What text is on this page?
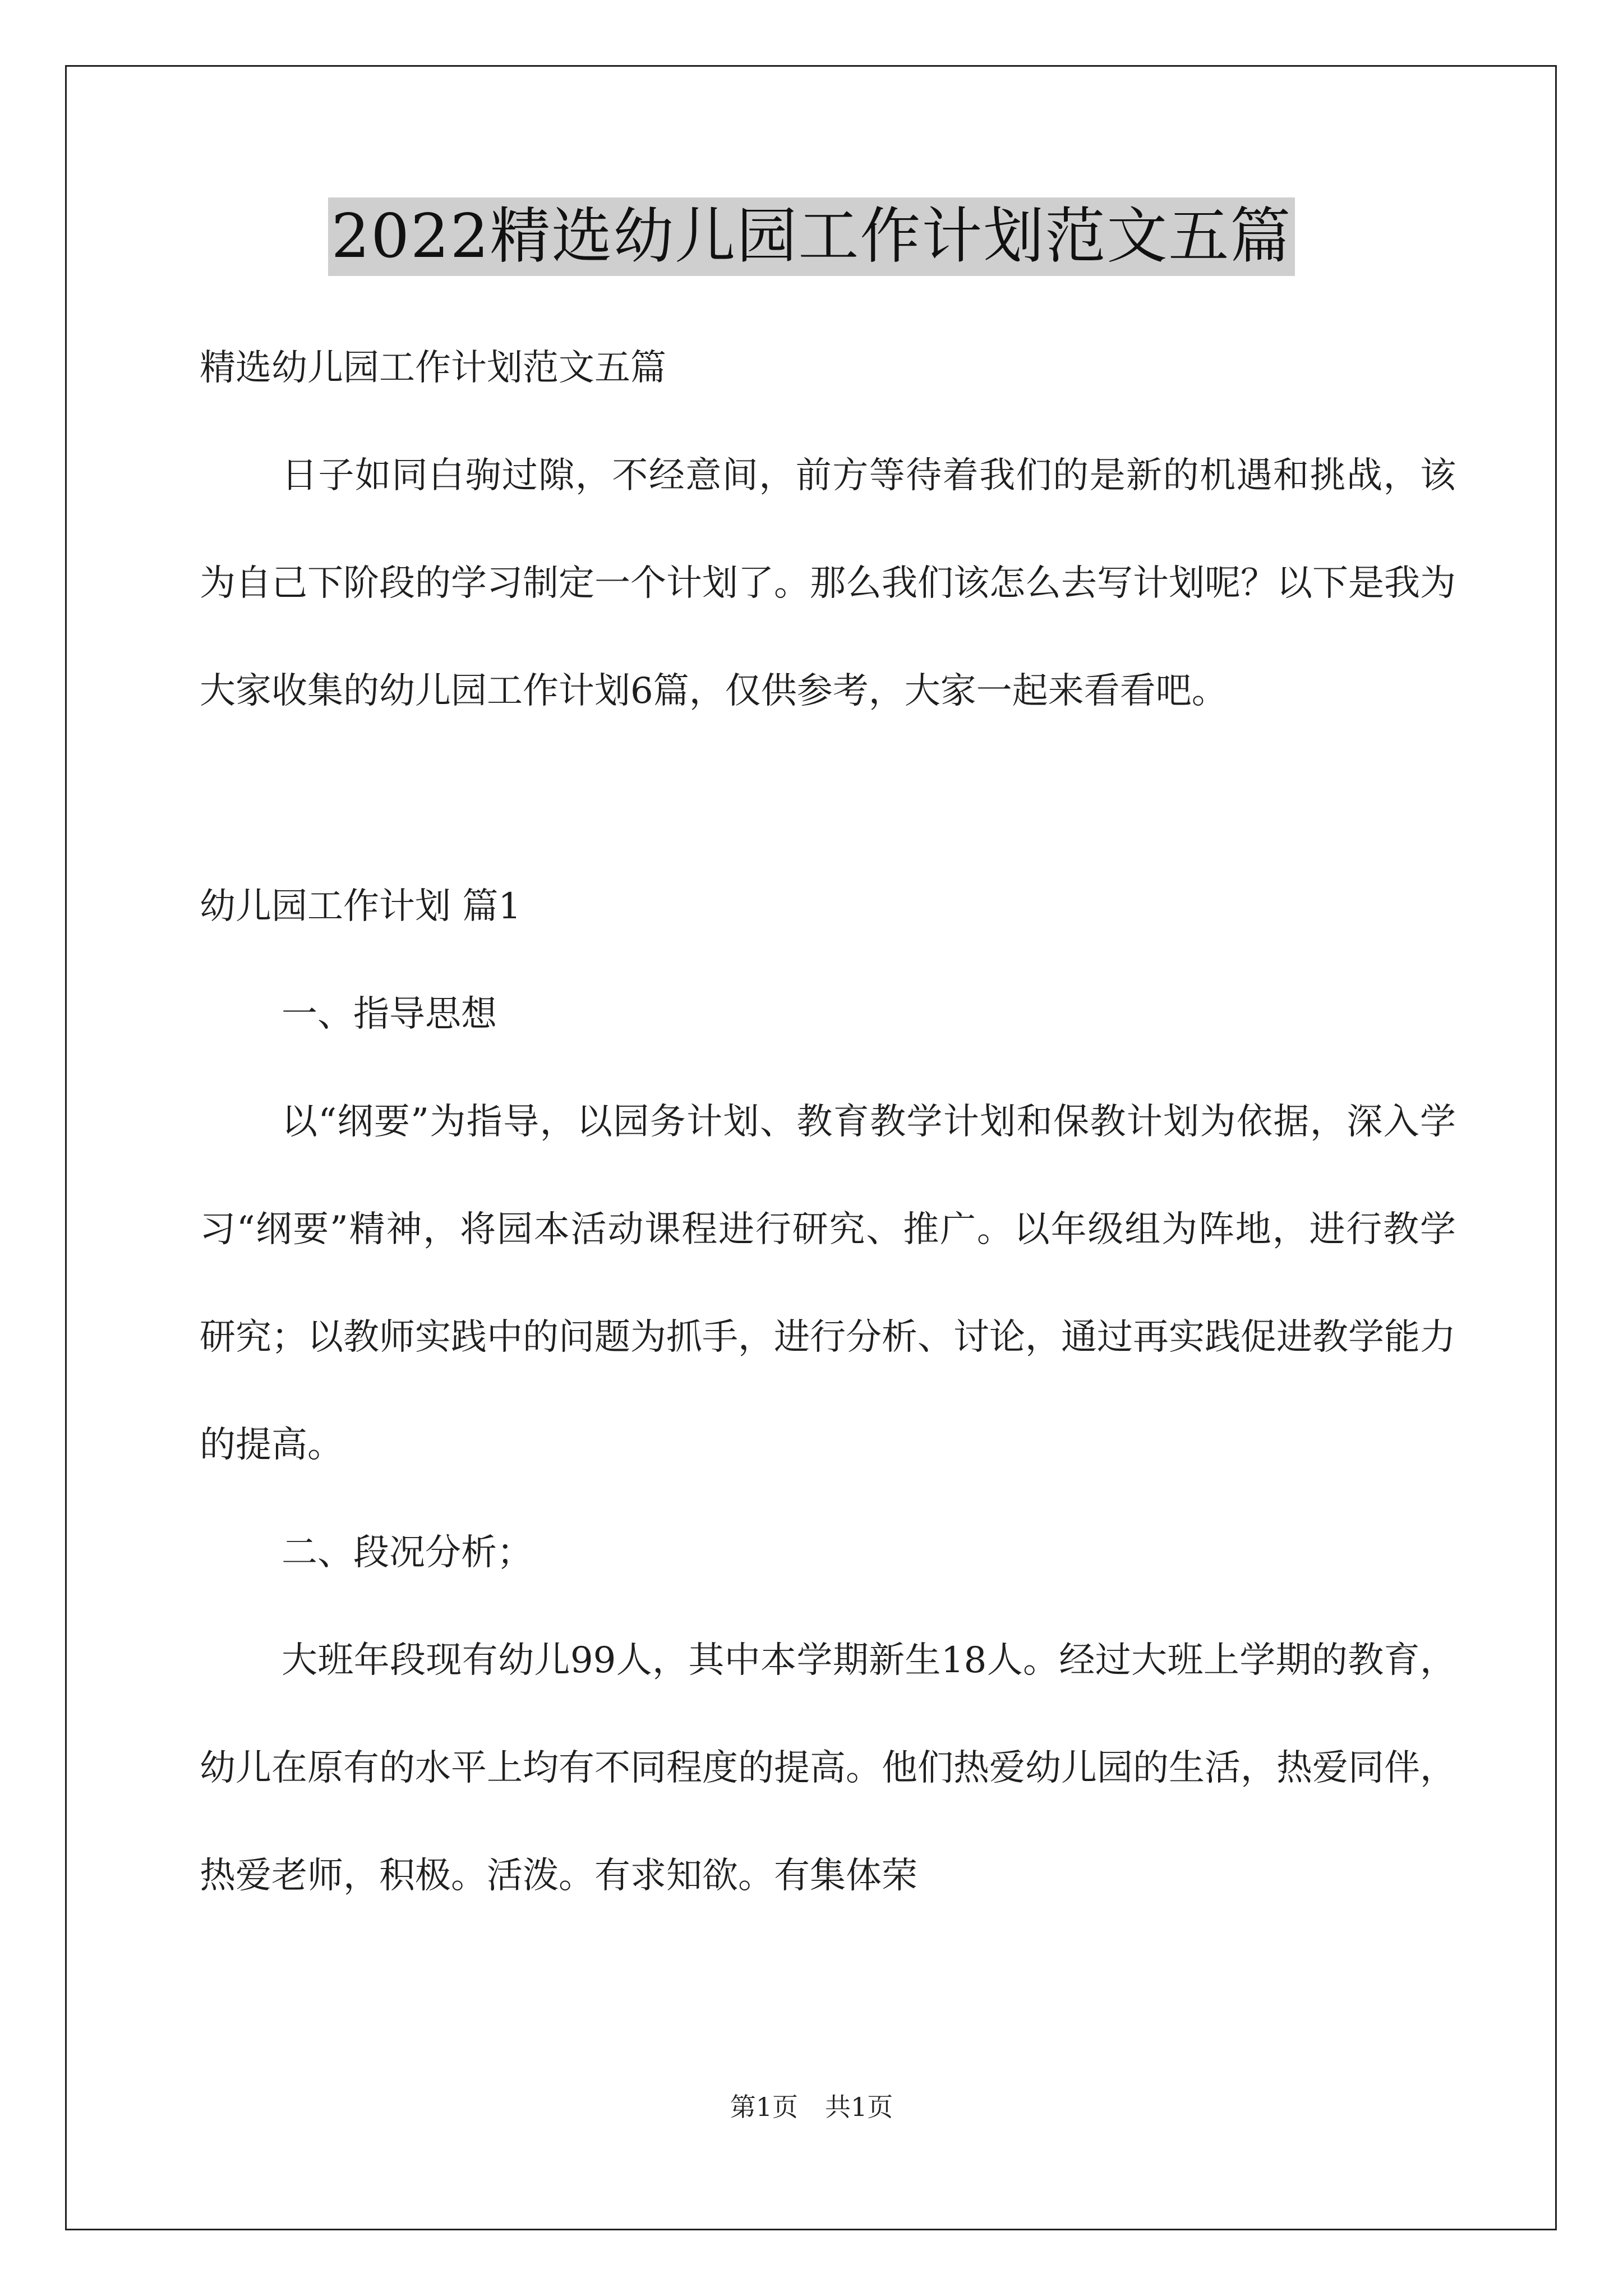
2022精选幼儿园工作计划范文五篇

精选幼儿园工作计划范文五篇

日子如同白驹过隙，不经意间，前方等待着我们的是新的机遇和挑战，该为自己下阶段的学习制定一个计划了。那么我们该怎么去写计划呢？以下是我为大家收集的幼儿园工作计划6篇，仅供参考，大家一起来看看吧。

幼儿园工作计划 篇1

一、指导思想

以“纲要”为指导，以园务计划、教育教学计划和保教计划为依据，深入学习“纲要”精神，将园本活动课程进行研究、推广。以年级组为阵地，进行教学研究；以教师实践中的问题为抓手，进行分析、讨论，通过再实践促进教学能力的提高。

二、段况分析；

大班年段现有幼儿99人，其中本学期新生18人。经过大班上学期的教育，幼儿在原有的水平上均有不同程度的提高。他们热爱幼儿园的生活，热爱同伴，热爱老师，积极。活泼。有求知欲。有集体荣

第1页 共1页
